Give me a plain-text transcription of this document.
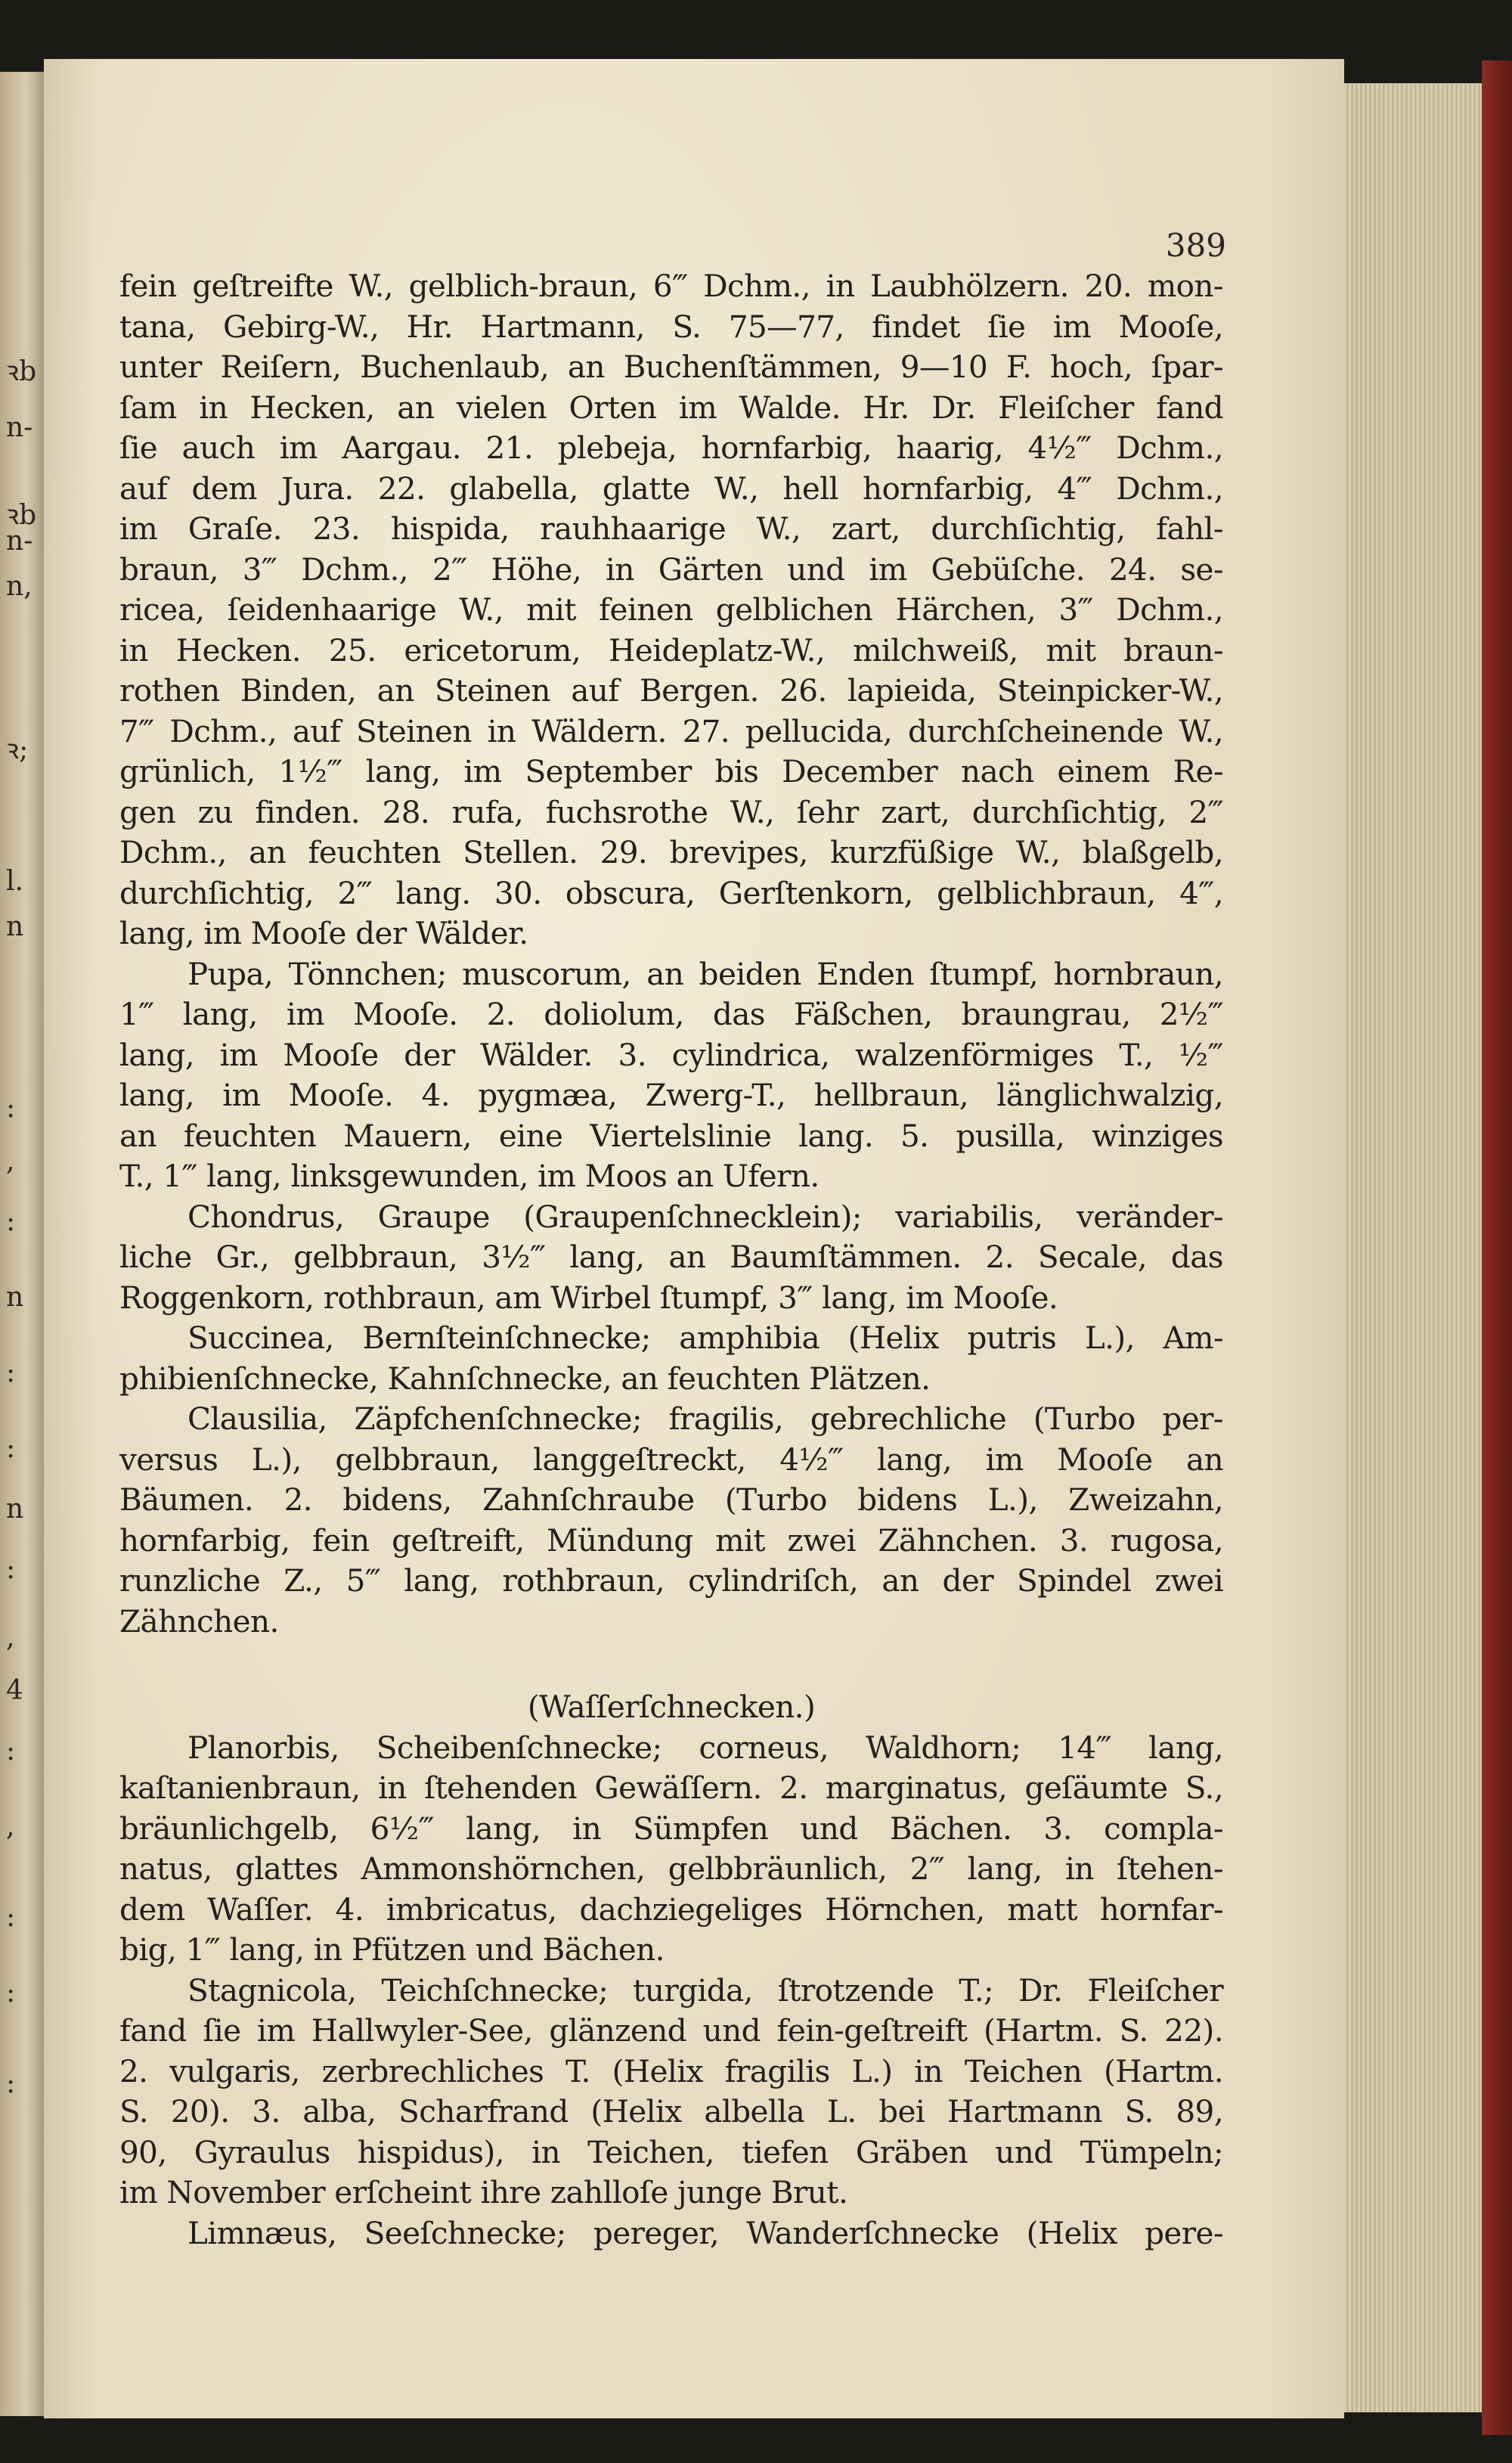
ꝛb
n-
ꝛb
n-
n,
ꝛ;
l.
n
:
,
:
n
:
:
n
:
,
4
:
,
:
:
:
389
fein geſtreifte W., gelblich-braun, 6‴ Dchm., in Laubhölzern. 20. mon-
tana, Gebirg-W., Hr. Hartmann, S. 75—77, findet ſie im Mooſe,
unter Reiſern, Buchenlaub, an Buchenſtämmen, 9—10 F. hoch, ſpar-
ſam in Hecken, an vielen Orten im Walde. Hr. Dr. Fleiſcher fand
ſie auch im Aargau. 21. plebeja, hornfarbig, haarig, 4½‴ Dchm.,
auf dem Jura. 22. glabella, glatte W., hell hornfarbig, 4‴ Dchm.,
im Graſe. 23. hispida, rauhhaarige W., zart, durchſichtig, fahl-
braun, 3‴ Dchm., 2‴ Höhe, in Gärten und im Gebüſche. 24. se-
ricea, ſeidenhaarige W., mit feinen gelblichen Härchen, 3‴ Dchm.,
in Hecken. 25. ericetorum, Heideplatz-W., milchweiß, mit braun-
rothen Binden, an Steinen auf Bergen. 26. lapieida, Steinpicker-W.,
7‴ Dchm., auf Steinen in Wäldern. 27. pellucida, durchſcheinende W.,
grünlich, 1½‴ lang, im September bis December nach einem Re-
gen zu finden. 28. rufa, fuchsrothe W., ſehr zart, durchſichtig, 2‴
Dchm., an feuchten Stellen. 29. brevipes, kurzfüßige W., blaßgelb,
durchſichtig, 2‴ lang. 30. obscura, Gerſtenkorn, gelblichbraun, 4‴,
lang, im Mooſe der Wälder.
Pupa, Tönnchen; muscorum, an beiden Enden ſtumpf, hornbraun,
1‴ lang, im Mooſe. 2. doliolum, das Fäßchen, braungrau, 2½‴
lang, im Mooſe der Wälder. 3. cylindrica, walzenförmiges T., ½‴
lang, im Mooſe. 4. pygmæa, Zwerg-T., hellbraun, länglichwalzig,
an feuchten Mauern, eine Viertelslinie lang. 5. pusilla, winziges
T., 1‴ lang, linksgewunden, im Moos an Ufern.
Chondrus, Graupe (Graupenſchnecklein); variabilis, veränder-
liche Gr., gelbbraun, 3½‴ lang, an Baumſtämmen. 2. Secale, das
Roggenkorn, rothbraun, am Wirbel ſtumpf, 3‴ lang, im Mooſe.
Succinea, Bernſteinſchnecke; amphibia (Helix putris L.), Am-
phibienſchnecke, Kahnſchnecke, an feuchten Plätzen.
Clausilia, Zäpfchenſchnecke; fragilis, gebrechliche (Turbo per-
versus L.), gelbbraun, langgeſtreckt, 4½‴ lang, im Mooſe an
Bäumen. 2. bidens, Zahnſchraube (Turbo bidens L.), Zweizahn,
hornfarbig, fein geſtreift, Mündung mit zwei Zähnchen. 3. rugosa,
runzliche Z., 5‴ lang, rothbraun, cylindriſch, an der Spindel zwei
Zähnchen.
(Waſſerſchnecken.)
Planorbis, Scheibenſchnecke; corneus, Waldhorn; 14‴ lang,
kaſtanienbraun, in ſtehenden Gewäſſern. 2. marginatus, geſäumte S.,
bräunlichgelb, 6½‴ lang, in Sümpfen und Bächen. 3. compla-
natus, glattes Ammonshörnchen, gelbbräunlich, 2‴ lang, in ſtehen-
dem Waſſer. 4. imbricatus, dachziegeliges Hörnchen, matt hornfar-
big, 1‴ lang, in Pfützen und Bächen.
Stagnicola, Teichſchnecke; turgida, ſtrotzende T.; Dr. Fleiſcher
fand ſie im Hallwyler-See, glänzend und fein-geſtreift (Hartm. S. 22).
2. vulgaris, zerbrechliches T. (Helix fragilis L.) in Teichen (Hartm.
S. 20). 3. alba, Scharfrand (Helix albella L. bei Hartmann S. 89,
90, Gyraulus hispidus), in Teichen, tiefen Gräben und Tümpeln;
im November erſcheint ihre zahlloſe junge Brut.
Limnæus, Seeſchnecke; pereger, Wanderſchnecke (Helix pere-
